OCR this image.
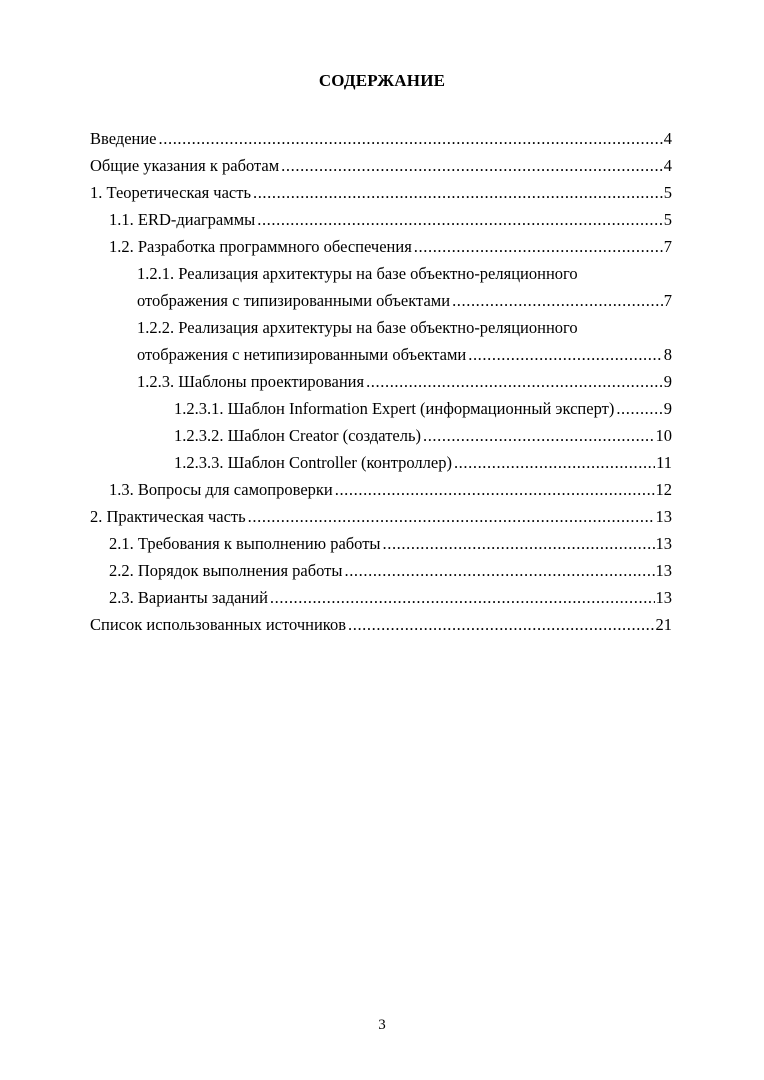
СОДЕРЖАНИЕ
Введение .....	4
Общие указания к работам .....	4
1. Теоретическая часть .....	5
1.1. ERD-диаграммы .....	5
1.2. Разработка программного обеспечения .....	7
1.2.1. Реализация архитектуры на базе объектно-реляционного
отображения с типизированными объектами .....	7
1.2.2. Реализация архитектуры на базе объектно-реляционного
отображения с нетипизированными объектами .....	8
1.2.3. Шаблоны проектирования .....	9
1.2.3.1. Шаблон Information Expert (информационный эксперт) .....	9
1.2.3.2. Шаблон Creator (создатель) .....	10
1.2.3.3. Шаблон Controller (контроллер) .....	11
1.3. Вопросы для самопроверки .....	12
2. Практическая часть .....	13
2.1. Требования к выполнению работы .....	13
2.2. Порядок выполнения работы .....	13
2.3. Варианты заданий .....	13
Список использованных источников .....	21
3
